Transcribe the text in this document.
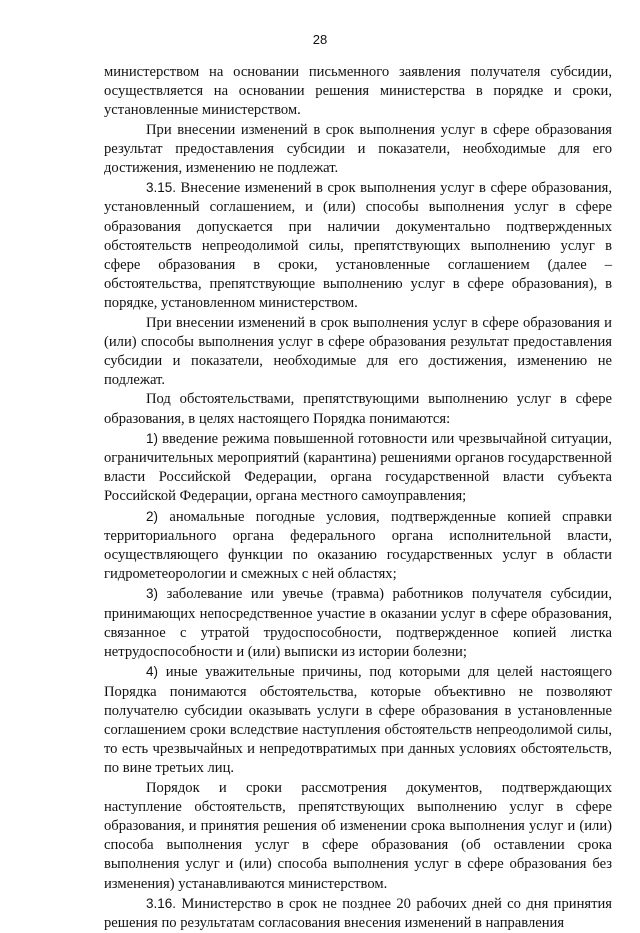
28

министерством на основании письменного заявления получателя субсидии, осуществляется на основании решения министерства в порядке и сроки, установленные министерством.

При внесении изменений в срок выполнения услуг в сфере образования результат предоставления субсидии и показатели, необходимые для его достижения, изменению не подлежат.

3.15. Внесение изменений в срок выполнения услуг в сфере образования, установленный соглашением, и (или) способы выполнения услуг в сфере образования допускается при наличии документально подтвержденных обстоятельств непреодолимой силы, препятствующих выполнению услуг в сфере образования в сроки, установленные соглашением (далее – обстоятельства, препятствующие выполнению услуг в сфере образования), в порядке, установленном министерством.

При внесении изменений в срок выполнения услуг в сфере образования и (или) способы выполнения услуг в сфере образования результат предоставления субсидии и показатели, необходимые для его достижения, изменению не подлежат.

Под обстоятельствами, препятствующими выполнению услуг в сфере образования, в целях настоящего Порядка понимаются:

1) введение режима повышенной готовности или чрезвычайной ситуации, ограничительных мероприятий (карантина) решениями органов государственной власти Российской Федерации, органа государственной власти субъекта Российской Федерации, органа местного самоуправления;

2) аномальные погодные условия, подтвержденные копией справки территориального органа федерального органа исполнительной власти, осуществляющего функции по оказанию государственных услуг в области гидрометеорологии и смежных с ней областях;

3) заболевание или увечье (травма) работников получателя субсидии, принимающих непосредственное участие в оказании услуг в сфере образования, связанное с утратой трудоспособности, подтвержденное копией листка нетрудоспособности и (или) выписки из истории болезни;

4) иные уважительные причины, под которыми для целей настоящего Порядка понимаются обстоятельства, которые объективно не позволяют получателю субсидии оказывать услуги в сфере образования в установленные соглашением сроки вследствие наступления обстоятельств непреодолимой силы, то есть чрезвычайных и непредотвратимых при данных условиях обстоятельств, по вине третьих лиц.

Порядок и сроки рассмотрения документов, подтверждающих наступление обстоятельств, препятствующих выполнению услуг в сфере образования, и принятия решения об изменении срока выполнения услуг и (или) способа выполнения услуг в сфере образования (об оставлении срока выполнения услуг и (или) способа выполнения услуг в сфере образования без изменения) устанавливаются министерством.

3.16. Министерство в срок не позднее 20 рабочих дней со дня принятия решения по результатам согласования внесения изменений в направления
